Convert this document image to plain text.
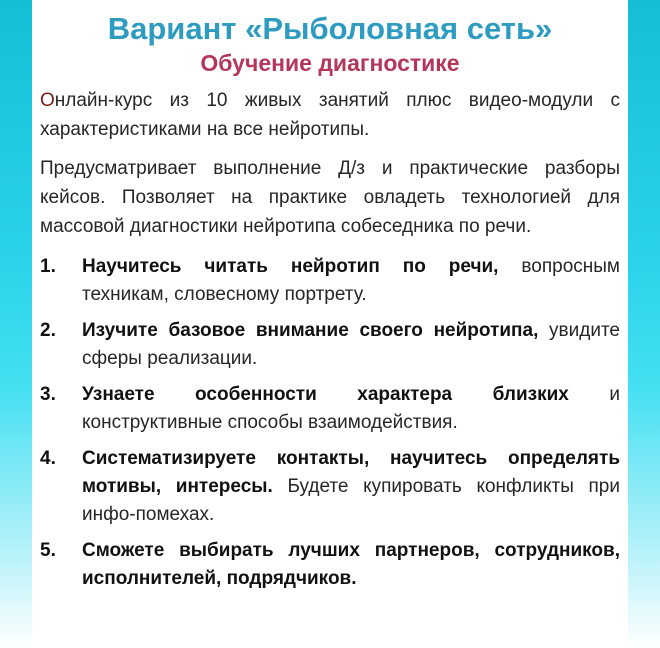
Вариант «Рыболовная сеть»
Обучение диагностике

Онлайн-курс из 10 живых занятий плюс видео-модули с характеристиками на все нейротипы.

Предусматривает выполнение Д/з и практические разборы кейсов. Позволяет на практике овладеть технологией для массовой диагностики нейротипа собеседника по речи.

1. Научитесь читать нейротип по речи, вопросным техникам, словесному портрету.
2. Изучите базовое внимание своего нейротипа, увидите сферы реализации.
3. Узнаете особенности характера близких и конструктивные способы взаимодействия.
4. Систематизируете контакты, научитесь определять мотивы, интересы. Будете купировать конфликты при инфо-помехах.
5. Сможете выбирать лучших партнеров, сотрудников, исполнителей, подрядчиков.
